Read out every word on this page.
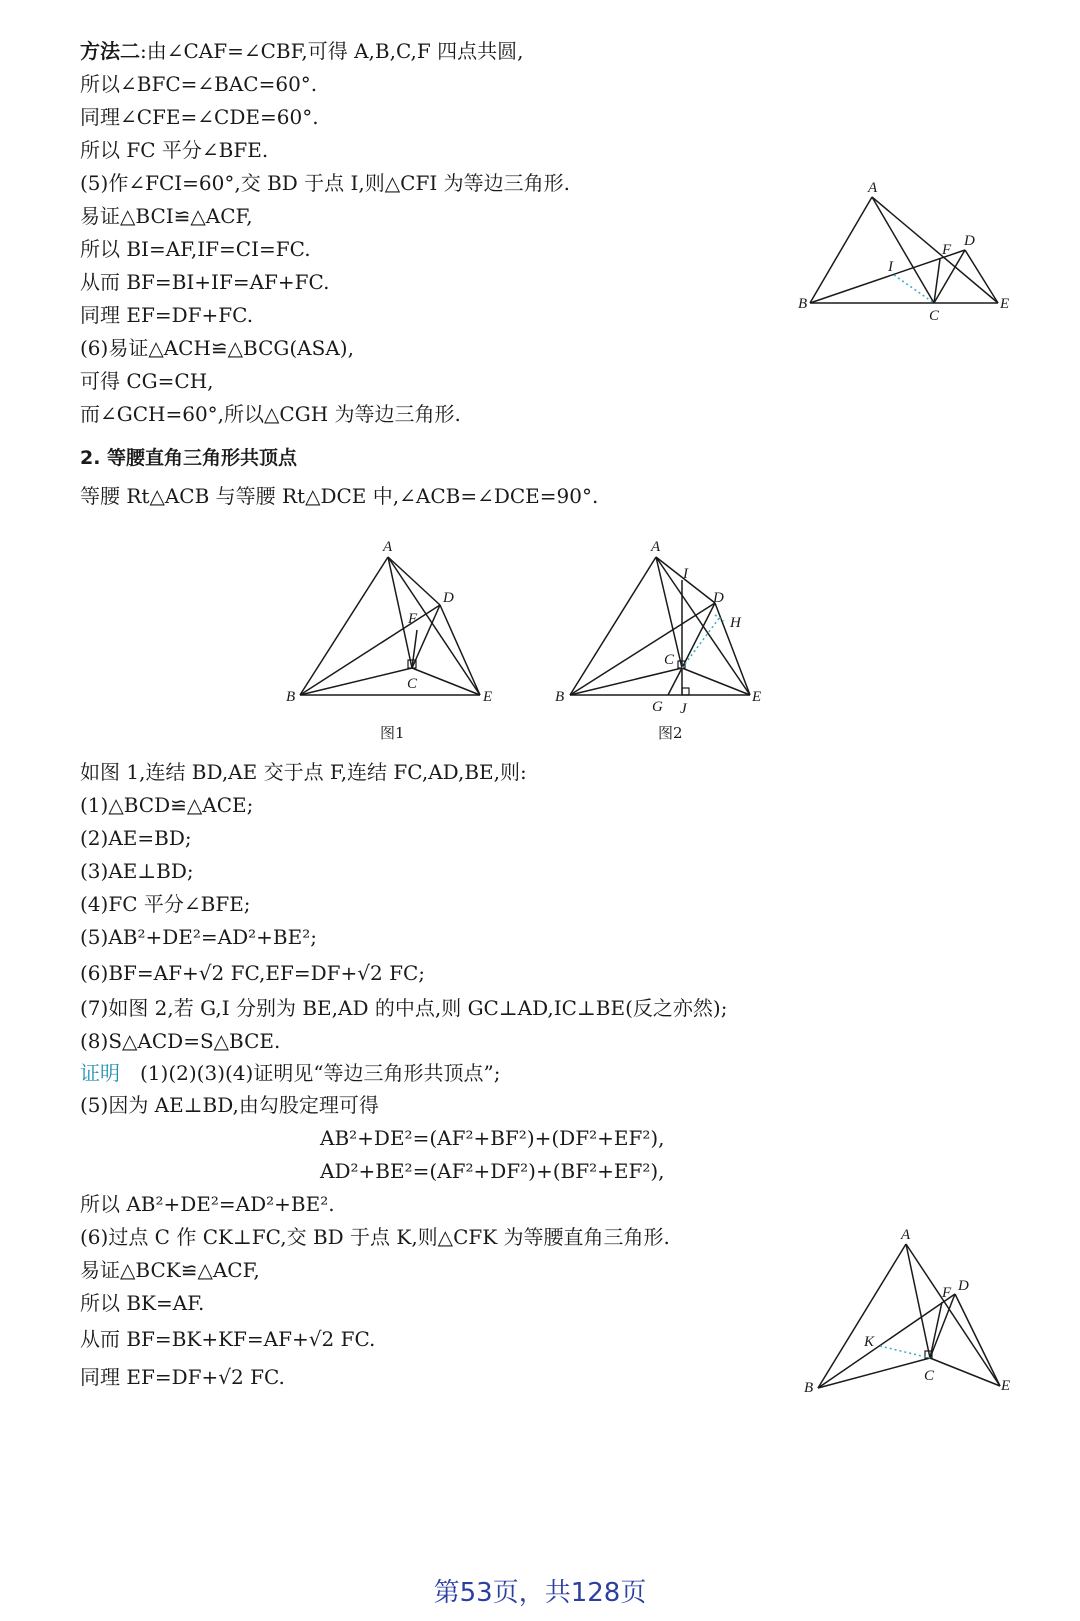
方法二:由∠CAF=∠CBF,可得 A,B,C,F 四点共圆,
所以∠BFC=∠BAC=60°.
同理∠CFE=∠CDE=60°.
所以 FC 平分∠BFE.
(5)作∠FCI=60°,交 BD 于点 I,则△CFI 为等边三角形.
易证△BCI≌△ACF,
所以 BI=AF,IF=CI=FC.
从而 BF=BI+IF=AF+FC.
同理 EF=DF+FC.
(6)易证△ACH≌△BCG(ASA),
可得 CG=CH,
而∠GCH=60°,所以△CGH 为等边三角形.
A
B
C
D
E
F
I
2. 等腰直角三角形共顶点
等腰 Rt△ACB 与等腰 Rt△DCE 中,∠ACB=∠DCE=90°.
A
B
C
D
E
F
图1
A
B
C
D
E
G
H
I
J
图2
如图 1,连结 BD,AE 交于点 F,连结 FC,AD,BE,则:
(1)△BCD≌△ACE;
(2)AE=BD;
(3)AE⊥BD;
(4)FC 平分∠BFE;
(5)AB²+DE²=AD²+BE²;
(6)BF=AF+√2 FC,EF=DF+√2 FC;
(7)如图 2,若 G,I 分别为 BE,AD 的中点,则 GC⊥AD,IC⊥BE(反之亦然);
(8)S△ACD=S△BCE.
证明  (1)(2)(3)(4)证明见“等边三角形共顶点”;
(5)因为 AE⊥BD,由勾股定理可得
AB²+DE²=(AF²+BF²)+(DF²+EF²),
AD²+BE²=(AF²+DF²)+(BF²+EF²),
所以 AB²+DE²=AD²+BE².
(6)过点 C 作 CK⊥FC,交 BD 于点 K,则△CFK 为等腰直角三角形.
易证△BCK≌△ACF,
所以 BK=AF.
从而 BF=BK+KF=AF+√2 FC.
同理 EF=DF+√2 FC.
A
B
C
D
E
F
K
第53页，共128页
